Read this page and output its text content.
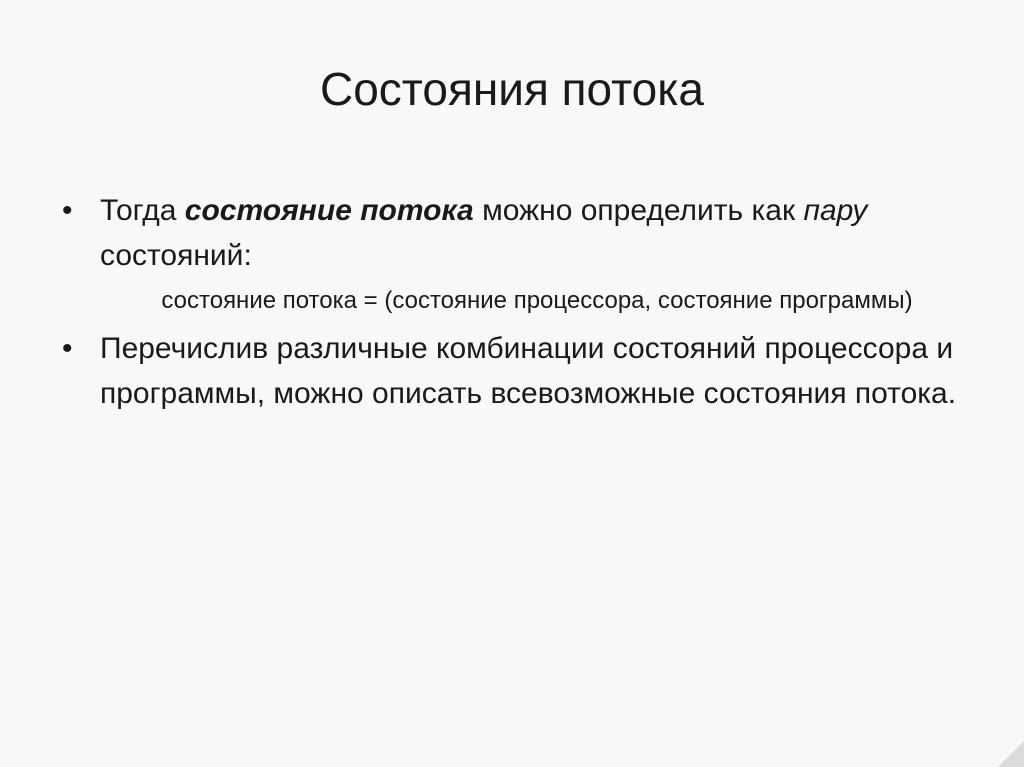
Состояния потока

• Тогда состояние потока можно определить как пару состояний:

состояние потока = (состояние процессора, состояние программы)

• Перечислив различные комбинации состояний процессора и программы, можно описать всевозможные состояния потока.
